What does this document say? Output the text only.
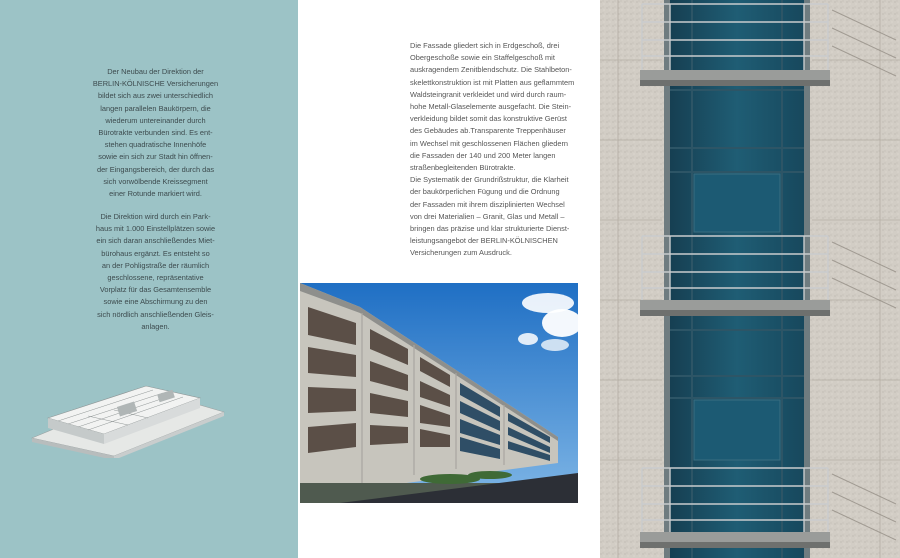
Der Neubau der Direktion der
BERLIN-KÖLNISCHE Versicherungen
bildet sich aus zwei unterschiedlich
langen parallelen Baukörpern, die
wiederum untereinander durch
Bürotrakte verbunden sind. Es ent-
stehen quadratische Innenhöfe
sowie ein sich zur Stadt hin öffnen-
der Eingangsbereich, der durch das
sich vorwölbende Kreissegment
einer Rotunde markiert wird.

Die Direktion wird durch ein Park-
haus mit 1.000 Einstellplätzen sowie
ein sich daran anschließendes Miet-
bürohaus ergänzt. Es entsteht so
an der Pohligstraße der räumlich
geschlossene, repräsentative
Vorplatz für das Gesamtensemble
sowie eine Abschirmung zu den
sich nördlich anschließenden Gleis-
anlagen.

Die Fassade gliedert sich in Erdgeschoß, drei
Obergeschoße sowie ein Staffelgeschoß mit
auskragendem Zenitblendschutz. Die Stahlbeton-
skelettkonstruktion ist mit Platten aus geflammtem
Waldsteingranit verkleidet und wird durch raum-
hohe Metall-Glaselemente ausgefacht. Die Stein-
verkleidung bildet somit das konstruktive Gerüst
des Gebäudes ab.Transparente Treppenhäuser
im Wechsel mit geschlossenen Flächen gliedern
die Fassaden der 140 und 200 Meter langen
straßenbegleitenden Bürotrakte.

Die Systematik der Grundrißstruktur, die Klarheit
der baukörperlichen Fügung und die Ordnung
der Fassaden mit ihrem disziplinierten Wechsel
von drei Materialien – Granit, Glas und Metall –
bringen das präzise und klar strukturierte Dienst-
leistungsangebot der BERLIN-KÖLNISCHEN
Versicherungen zum Ausdruck.
